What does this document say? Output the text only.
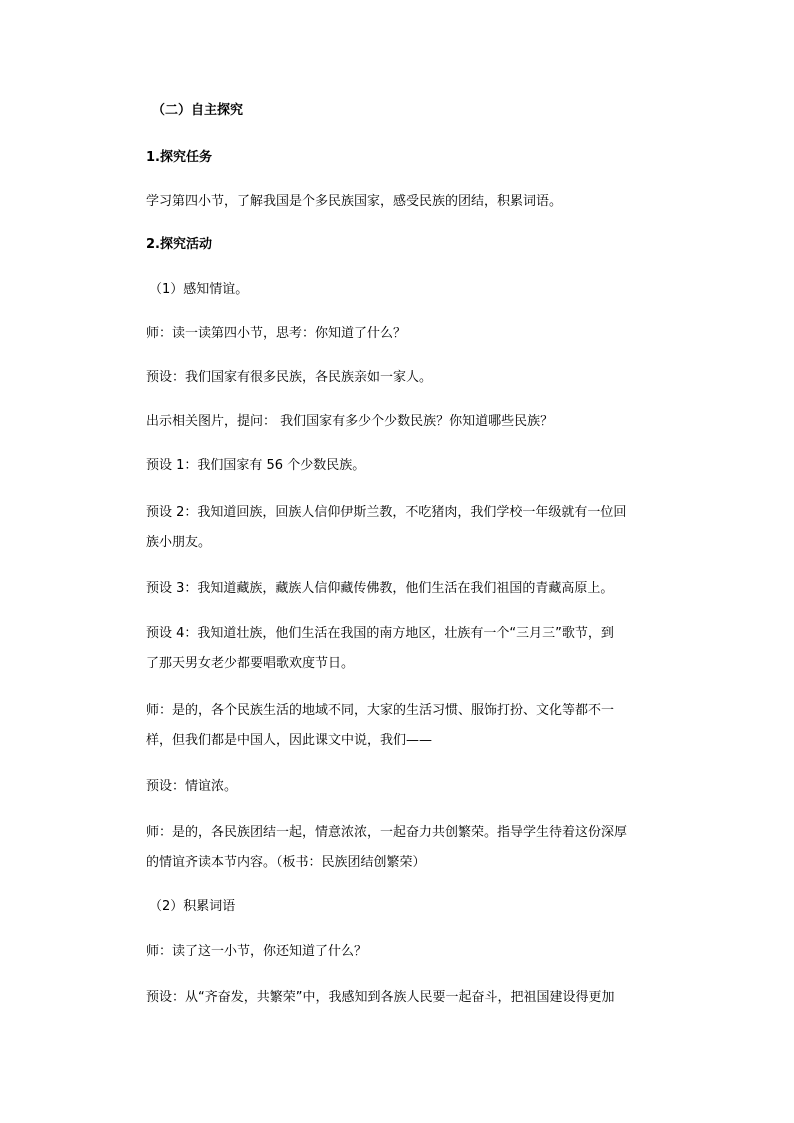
（二）自主探究

1.探究任务

学习第四小节，了解我国是个多民族国家，感受民族的团结，积累词语。

2.探究活动

（1）感知情谊。

师：读一读第四小节，思考：你知道了什么？

预设：我们国家有很多民族，各民族亲如一家人。

出示相关图片，提问： 我们国家有多少个少数民族？你知道哪些民族？

预设 1：我们国家有 56 个少数民族。

预设 2：我知道回族，回族人信仰伊斯兰教，不吃猪肉，我们学校一年级就有一位回

族小朋友。

预设 3：我知道藏族，藏族人信仰藏传佛教，他们生活在我们祖国的青藏高原上。

预设 4：我知道壮族，他们生活在我国的南方地区，壮族有一个“三月三”歌节，到

了那天男女老少都要唱歌欢度节日。

师：是的，各个民族生活的地域不同，大家的生活习惯、服饰打扮、文化等都不一

样，但我们都是中国人，因此课文中说，我们——

预设：情谊浓。

师：是的，各民族团结一起，情意浓浓，一起奋力共创繁荣。指导学生待着这份深厚

的情谊齐读本节内容。（板书：民族团结创繁荣）

（2）积累词语

师：读了这一小节，你还知道了什么？

预设：从“齐奋发，共繁荣”中，我感知到各族人民要一起奋斗，把祖国建设得更加
